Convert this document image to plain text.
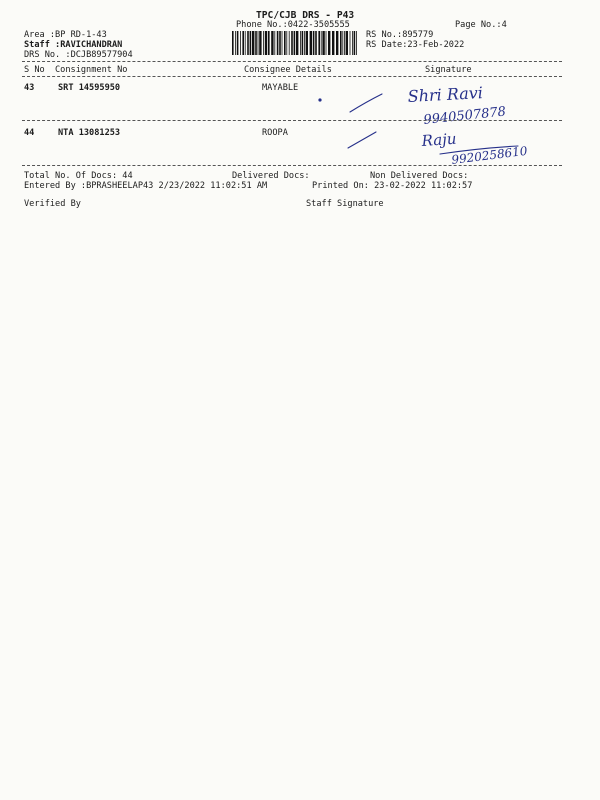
TPC/CJB DRS - P43
Phone No.:0422-3505555	Page No.:4
Area :BP RD-1-43
Staff :RAVICHANDRAN
DRS No. :DCJB89577904
RS No.:895779
RS Date:23-Feb-2022
S No Consignment No	Consignee Details	Signature
43	SRT 14595950	MAYABLE	Shri Ravi
9940507878
44	NTA 13081253	ROOPA	Raju
9920258610
Total No. Of Docs: 44	Delivered Docs:	Non Delivered Docs:
Entered By :BPRASHEELAP43 2/23/2022 11:02:51 AM	Printed On: 23-02-2022 11:02:57
Verified By	Staff Signature
